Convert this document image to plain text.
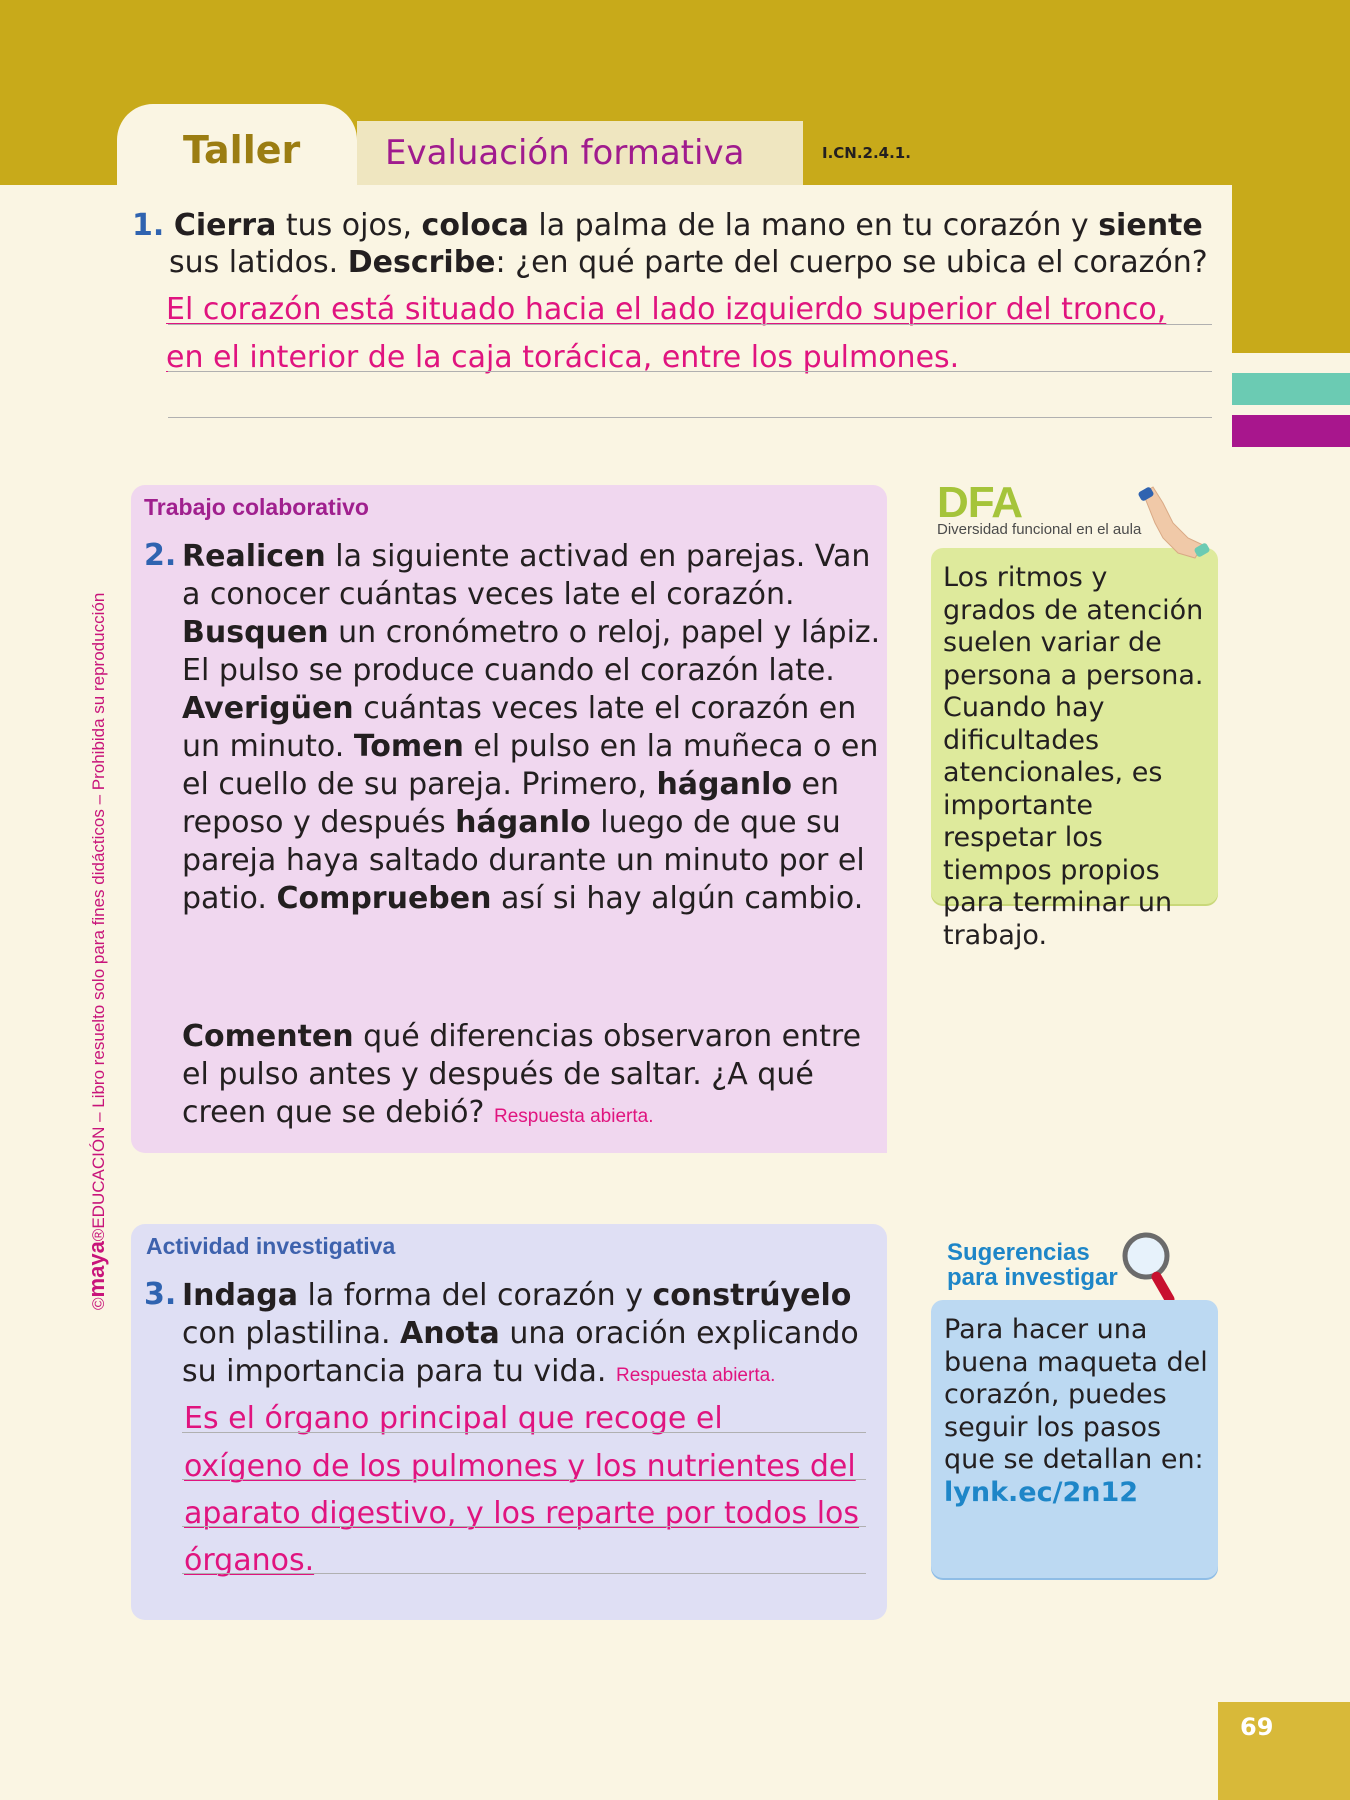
Taller	Evaluación formativa	I.CN.2.4.1.
1. Cierra tus ojos, coloca la palma de la mano en tu corazón y siente
sus latidos. Describe: ¿en qué parte del cuerpo se ubica el corazón?
El corazón está situado hacia el lado izquierdo superior del tronco,
en el interior de la caja torácica, entre los pulmones.
Trabajo colaborativo
2. Realicen la siguiente activad en parejas. Van a conocer cuántas veces late el corazón. Busquen un cronómetro o reloj, papel y lápiz. El pulso se produce cuando el corazón late. Averigüen cuántas veces late el corazón en un minuto. Tomen el pulso en la muñeca o en el cuello de su pareja. Primero, háganlo en reposo y después háganlo luego de que su pareja haya saltado durante un minuto por el patio. Comprueben así si hay algún cambio.
Comenten qué diferencias observaron entre el pulso antes y después de saltar. ¿A qué creen que se debió? Respuesta abierta.
DFA
Diversidad funcional en el aula
Los ritmos y grados de atención suelen variar de persona a persona. Cuando hay dificultades atencionales, es importante respetar los tiempos propios para terminar un trabajo.
Actividad investigativa
3. Indaga la forma del corazón y constrúyelo con plastilina. Anota una oración explicando su importancia para tu vida. Respuesta abierta.
Es el órgano principal que recoge el
oxígeno de los pulmones y los nutrientes del
aparato digestivo, y los reparte por todos los
órganos.
Sugerencias
para investigar
Para hacer una buena maqueta del corazón, puedes seguir los pasos que se detallan en:
lynk.ec/2n12
©maya®EDUCACIÓN – Libro resuelto solo para fines didácticos – Prohibida su reproducción
69
